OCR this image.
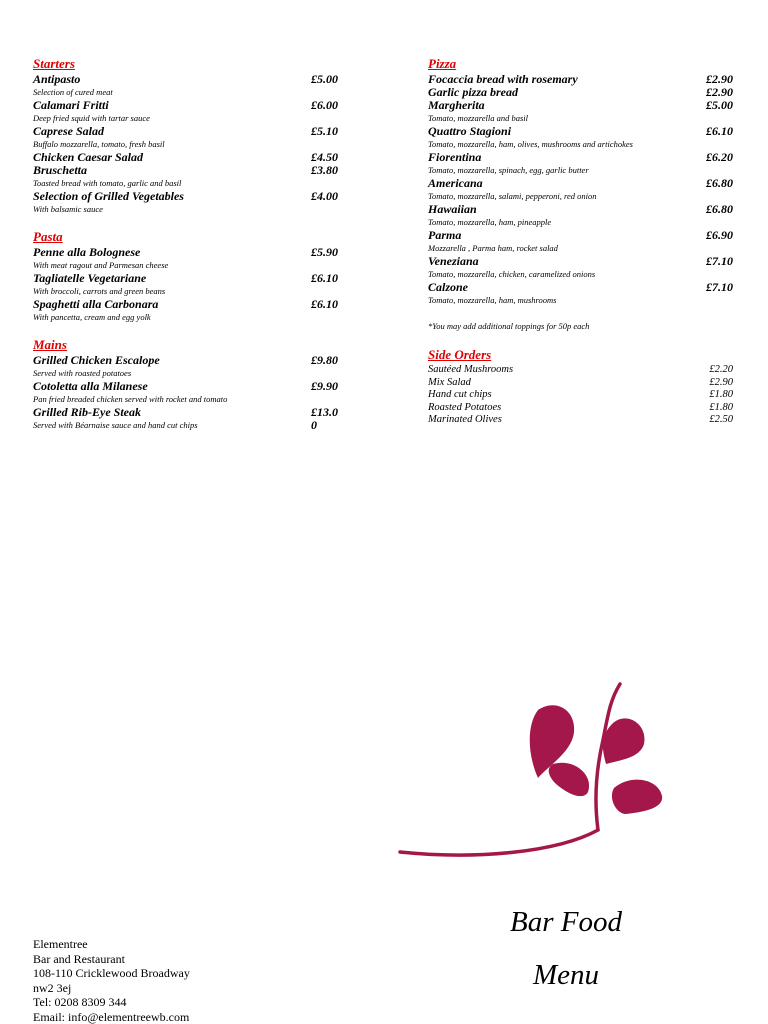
Starters
Antipasto	£5.00
Selection of cured meat
Calamari Fritti	£6.00
Deep fried squid with tartar sauce
Caprese Salad	£5.10
Buffalo mozzarella, tomato, fresh basil
Chicken Caesar Salad	£4.50
Bruschetta	£3.80
Toasted bread with tomato, garlic and basil
Selection of Grilled Vegetables	£4.00
With balsamic sauce
Pasta
Penne alla Bolognese	£5.90
With meat ragout and Parmesan cheese
Tagliatelle Vegetariane	£6.10
With broccoli, carrots and green beans
Spaghetti alla Carbonara	£6.10
With pancetta, cream and egg yolk
Mains
Grilled Chicken Escalope	£9.80
Served with roasted potatoes
Cotoletta alla Milanese	£9.90
Pan fried breaded chicken served with rocket and tomato
Grilled Rib-Eye Steak	£13.0
0
Served with Béarnaise sauce and hand cut chips
Pizza
Focaccia bread with rosemary	£2.90
Garlic pizza bread	£2.90
Margherita	£5.00
Tomato, mozzarella and basil
Quattro Stagioni	£6.10
Tomato, mozzarella, ham, olives, mushrooms and artichokes
Fiorentina	£6.20
Tomato, mozzarella, spinach, egg, garlic butter
Americana	£6.80
Tomato, mozzarella, salami, pepperoni, red onion
Hawaiian	£6.80
Tomato, mozzarella, ham, pineapple
Parma	£6.90
Mozzarella , Parma ham, rocket salad
Veneziana	£7.10
Tomato, mozzarella, chicken, caramelized onions
Calzone	£7.10
Tomato, mozzarella, ham, mushrooms
*You may add additional toppings for 50p each
Side Orders
Sautéed Mushrooms	£2.20
Mix Salad	£2.90
Hand cut chips	£1.80
Roasted Potatoes	£1.80
Marinated Olives	£2.50
Bar Food
Menu
Elementree
Bar and Restaurant
108-110 Cricklewood Broadway
nw2 3ej
Tel: 0208 8309 344
Email: info@elementreewb.com
